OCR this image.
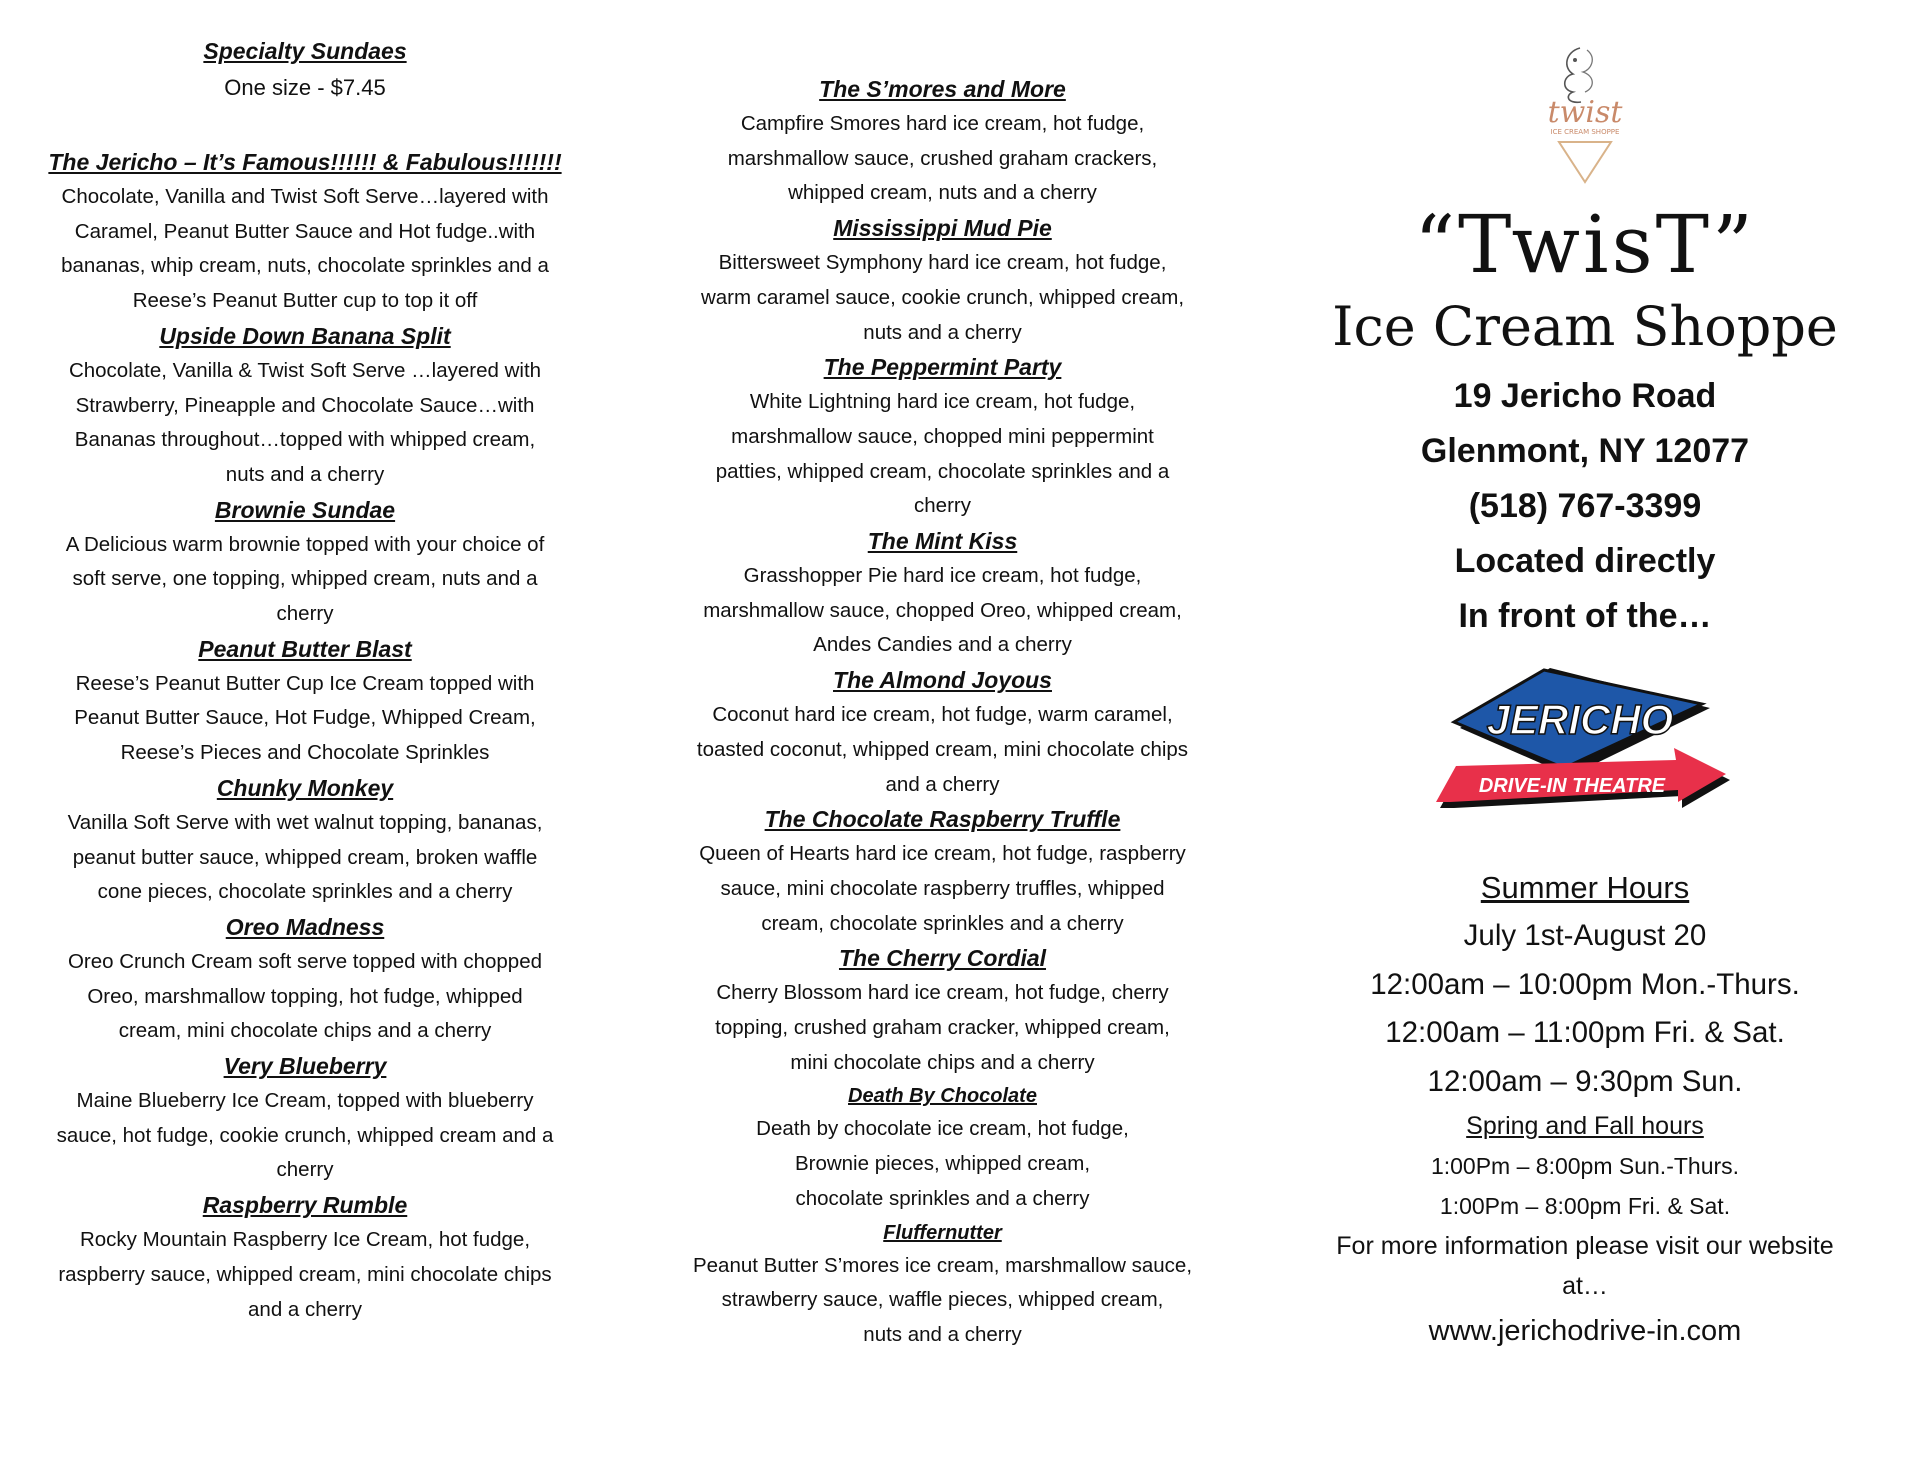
Specialty Sundaes

One size - $7.45

The Jericho – It’s Famous!!!!!! & Fabulous!!!!!!!

Chocolate, Vanilla and Twist Soft Serve…layered with

Caramel, Peanut Butter Sauce and Hot fudge..with

bananas, whip cream, nuts, chocolate sprinkles and a

Reese’s Peanut Butter cup to top it off

Upside Down Banana Split

Chocolate, Vanilla & Twist Soft Serve …layered with

Strawberry, Pineapple and Chocolate Sauce…with

Bananas throughout…topped with whipped cream,

nuts and a cherry

Brownie Sundae

A Delicious warm brownie topped with your choice of

soft serve, one topping, whipped cream, nuts and a

cherry

Peanut Butter Blast

Reese’s Peanut Butter Cup Ice Cream topped with

Peanut Butter Sauce, Hot Fudge, Whipped Cream,

Reese’s Pieces and Chocolate Sprinkles

Chunky Monkey

Vanilla Soft Serve with wet walnut topping, bananas,

peanut butter sauce, whipped cream, broken waffle

cone pieces, chocolate sprinkles and a cherry

Oreo Madness

Oreo Crunch Cream soft serve topped with chopped

Oreo, marshmallow topping, hot fudge, whipped

cream, mini chocolate chips and a cherry

Very Blueberry

Maine Blueberry Ice Cream, topped with blueberry

sauce, hot fudge, cookie crunch, whipped cream and a

cherry

Raspberry Rumble

Rocky Mountain Raspberry Ice Cream, hot fudge,

raspberry sauce, whipped cream, mini chocolate chips

and a cherry

The S’mores and More

Campfire Smores hard ice cream, hot fudge,

marshmallow sauce, crushed graham crackers,

whipped cream, nuts and a cherry

Mississippi Mud Pie

Bittersweet Symphony hard ice cream, hot fudge,

warm caramel sauce, cookie crunch, whipped cream,

nuts and a cherry

The Peppermint Party

White Lightning hard ice cream, hot fudge,

marshmallow sauce, chopped mini peppermint

patties, whipped cream, chocolate sprinkles and a

cherry

The Mint Kiss

Grasshopper Pie hard ice cream, hot fudge,

marshmallow sauce, chopped Oreo, whipped cream,

Andes Candies and a cherry

The Almond Joyous

Coconut hard ice cream, hot fudge, warm caramel,

toasted coconut, whipped cream, mini chocolate chips

and a cherry

The Chocolate Raspberry Truffle

Queen of Hearts hard ice cream, hot fudge, raspberry

sauce, mini chocolate raspberry truffles, whipped

cream, chocolate sprinkles and a cherry

The Cherry Cordial

Cherry Blossom hard ice cream, hot fudge, cherry

topping, crushed graham cracker, whipped cream,

mini chocolate chips and a cherry

Death By Chocolate

Death by chocolate ice cream, hot fudge,

Brownie pieces, whipped cream,

chocolate sprinkles and a cherry

Fluffernutter

Peanut Butter S’mores ice cream, marshmallow sauce,

strawberry sauce, waffle pieces, whipped cream,

nuts and a cherry

twist
ICE CREAM SHOPPE

“TwisT”

Ice Cream Shoppe

19 Jericho Road

Glenmont, NY 12077

(518) 767-3399

Located directly

In front of the…

JERICHO
DRIVE-IN THEATRE

Summer Hours

July 1st-August 20

12:00am – 10:00pm Mon.-Thurs.

12:00am – 11:00pm Fri. & Sat.

12:00am – 9:30pm Sun.

Spring and Fall hours

1:00Pm – 8:00pm Sun.-Thurs.

1:00Pm – 8:00pm Fri. & Sat.

For more information please visit our website

at…

www.jerichodrive-in.com
